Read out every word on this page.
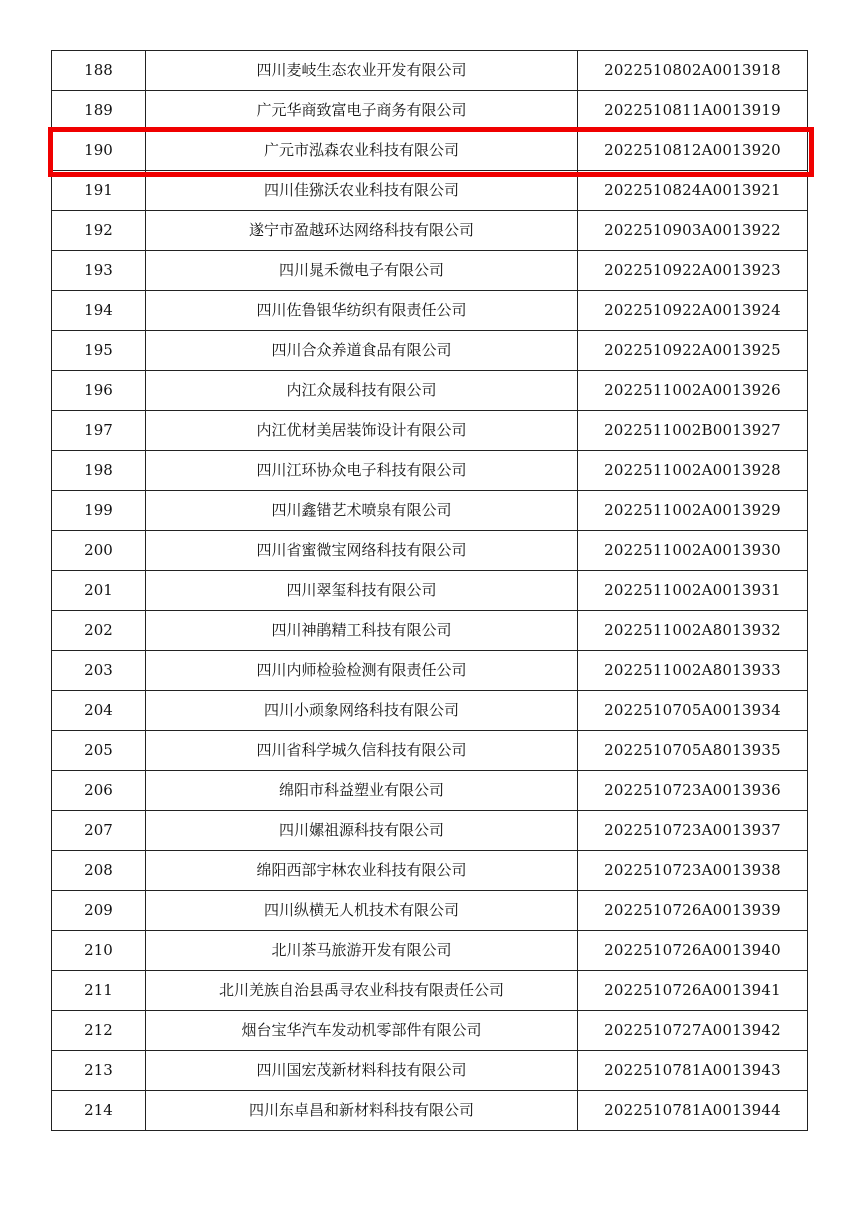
188	四川麦岐生态农业开发有限公司	2022510802A0013918
189	广元华商致富电子商务有限公司	2022510811A0013919
190	广元市泓森农业科技有限公司	2022510812A0013920
191	四川佳猕沃农业科技有限公司	2022510824A0013921
192	遂宁市盈越环达网络科技有限公司	2022510903A0013922
193	四川晁禾微电子有限公司	2022510922A0013923
194	四川佐鲁银华纺织有限责任公司	2022510922A0013924
195	四川合众养道食品有限公司	2022510922A0013925
196	内江众晟科技有限公司	2022511002A0013926
197	内江优材美居装饰设计有限公司	2022511002B0013927
198	四川江环协众电子科技有限公司	2022511002A0013928
199	四川鑫错艺术喷泉有限公司	2022511002A0013929
200	四川省蜜微宝网络科技有限公司	2022511002A0013930
201	四川翠玺科技有限公司	2022511002A0013931
202	四川神鹃精工科技有限公司	2022511002A8013932
203	四川内师检验检测有限责任公司	2022511002A8013933
204	四川小顽象网络科技有限公司	2022510705A0013934
205	四川省科学城久信科技有限公司	2022510705A8013935
206	绵阳市科益塑业有限公司	2022510723A0013936
207	四川嫘祖源科技有限公司	2022510723A0013937
208	绵阳西部宇林农业科技有限公司	2022510723A0013938
209	四川纵横无人机技术有限公司	2022510726A0013939
210	北川茶马旅游开发有限公司	2022510726A0013940
211	北川羌族自治县禹寻农业科技有限责任公司	2022510726A0013941
212	烟台宝华汽车发动机零部件有限公司	2022510727A0013942
213	四川国宏茂新材料科技有限公司	2022510781A0013943
214	四川东卓昌和新材料科技有限公司	2022510781A0013944
